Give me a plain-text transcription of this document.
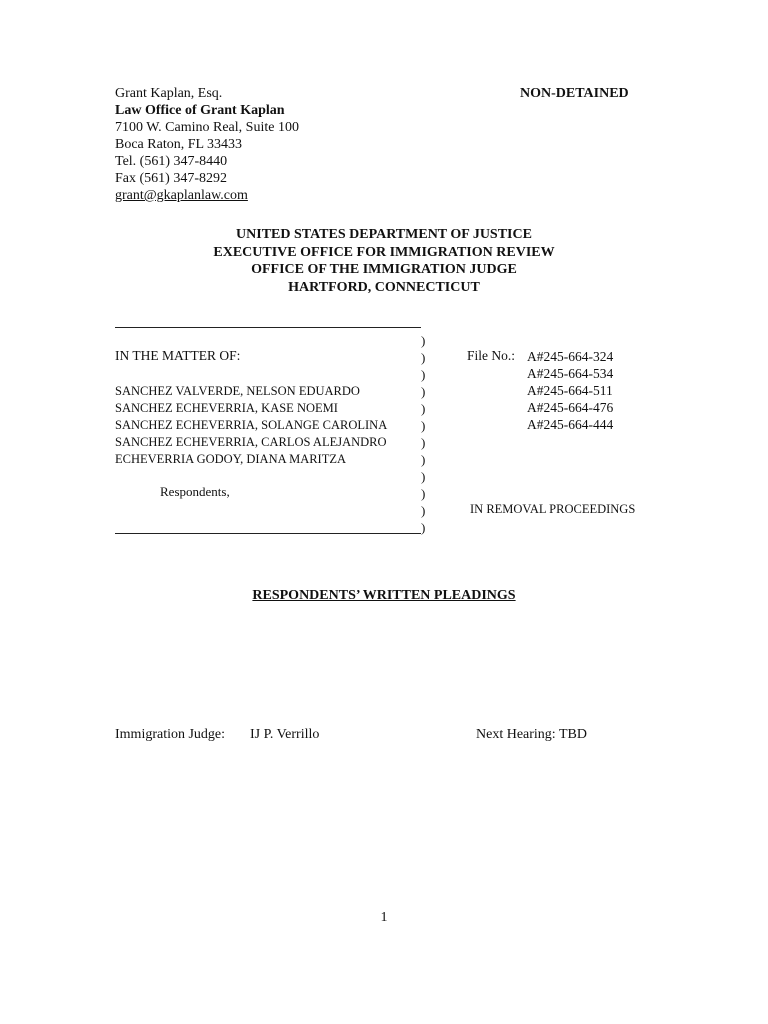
Grant Kaplan, Esq.
Law Office of Grant Kaplan
7100 W. Camino Real, Suite 100
Boca Raton, FL 33433
Tel. (561) 347-8440
Fax (561) 347-8292
grant@gkaplanlaw.com
NON-DETAINED
UNITED STATES DEPARTMENT OF JUSTICE
EXECUTIVE OFFICE FOR IMMIGRATION REVIEW
OFFICE OF THE IMMIGRATION JUDGE
HARTFORD, CONNECTICUT
)
)
)
)
)
)
)
)
)
)
)
)
IN THE MATTER OF:
SANCHEZ VALVERDE, NELSON EDUARDO
SANCHEZ ECHEVERRIA, KASE NOEMI
SANCHEZ ECHEVERRIA, SOLANGE CAROLINA
SANCHEZ ECHEVERRIA, CARLOS ALEJANDRO
ECHEVERRIA GODOY, DIANA MARITZA
Respondents,
File No.: A#245-664-324
A#245-664-534
A#245-664-511
A#245-664-476
A#245-664-444
IN REMOVAL PROCEEDINGS
RESPONDENTS’ WRITTEN PLEADINGS
Immigration Judge: IJ P. Verrillo	Next Hearing: TBD
1
